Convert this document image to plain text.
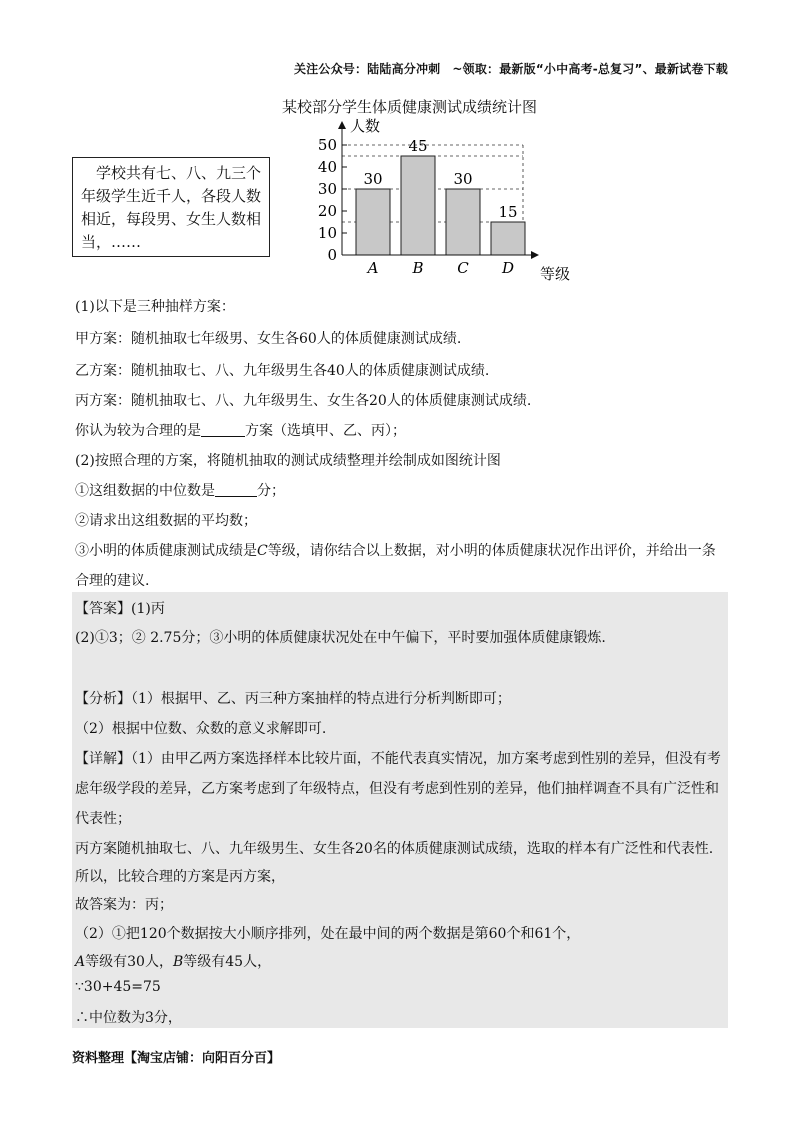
关注公众号：陆陆高分冲刺 ~领取：最新版“小中高考-总复习”、最新试卷下载
某校部分学生体质健康测试成绩统计图
学校共有七、八、九三个年级学生近千人，各段人数相近，每段男、女生人数相当，……
0
10
20
30
40
50
A B C D
30
45
30
15
人数
等级
(1)以下是三种抽样方案：
甲方案：随机抽取七年级男、女生各60人的体质健康测试成绩.
乙方案：随机抽取七、八、九年级男生各40人的体质健康测试成绩.
丙方案：随机抽取七、八、九年级男生、女生各20人的体质健康测试成绩.
你认为较为合理的是	方案（选填甲、乙、丙）；
(2)按照合理的方案，将随机抽取的测试成绩整理并绘制成如图统计图
①这组数据的中位数是	分；
②请求出这组数据的平均数；
③小明的体质健康测试成绩是C等级，请你结合以上数据，对小明的体质健康状况作出评价，并给出一条
合理的建议.
【答案】(1)丙
(2)①3；② 2.75分；③小明的体质健康状况处在中午偏下，平时要加强体质健康锻炼.
【分析】（1）根据甲、乙、丙三种方案抽样的特点进行分析判断即可；
（2）根据中位数、众数的意义求解即可.
【详解】（1）由甲乙两方案选择样本比较片面，不能代表真实情况，加方案考虑到性别的差异，但没有考
虑年级学段的差异，乙方案考虑到了年级特点，但没有考虑到性别的差异，他们抽样调查不具有广泛性和
代表性；
丙方案随机抽取七、八、九年级男生、女生各20名的体质健康测试成绩，选取的样本有广泛性和代表性.
所以，比较合理的方案是丙方案，
故答案为：丙；
（2）①把120个数据按大小顺序排列，处在最中间的两个数据是第60个和61个，
A等级有30人，B等级有45人，
∵30+45=75
∴中位数为3分，
资料整理【淘宝店铺：向阳百分百】
